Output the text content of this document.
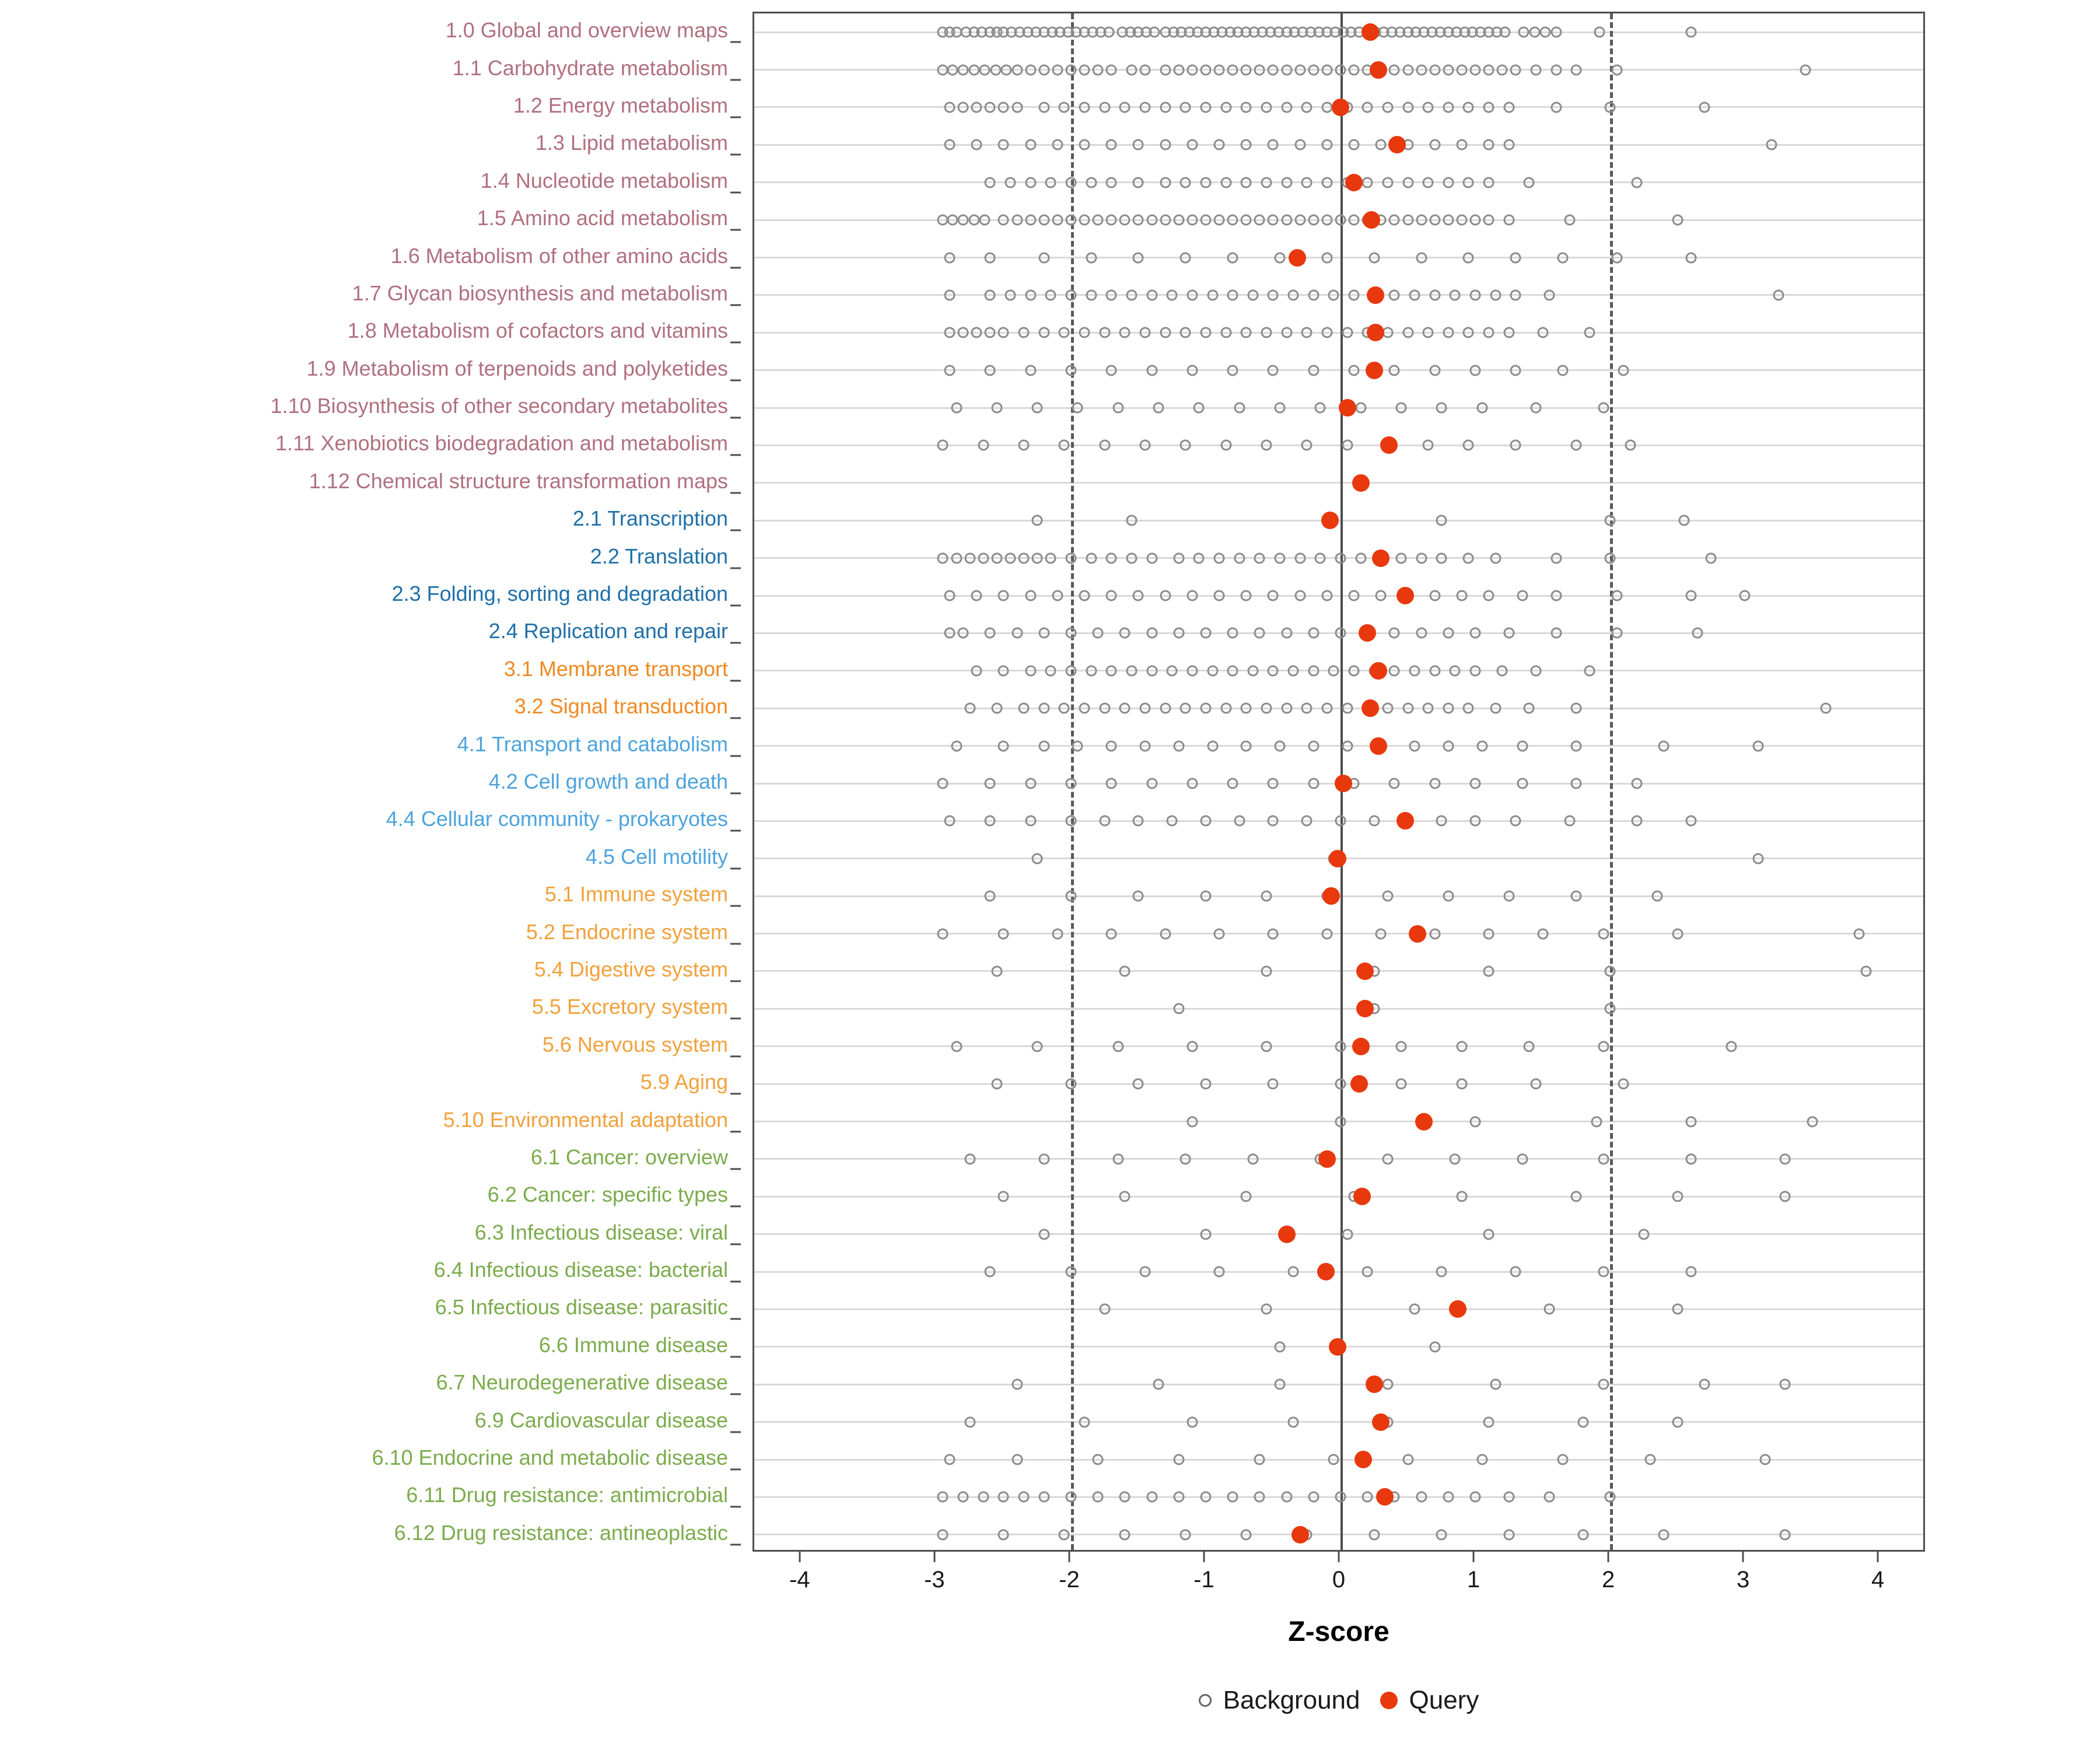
1.0 Global and overview maps
1.1 Carbohydrate metabolism
1.2 Energy metabolism
1.3 Lipid metabolism
1.4 Nucleotide metabolism
1.5 Amino acid metabolism
1.6 Metabolism of other amino acids
1.7 Glycan biosynthesis and metabolism
1.8 Metabolism of cofactors and vitamins
1.9 Metabolism of terpenoids and polyketides
1.10 Biosynthesis of other secondary metabolites
1.11 Xenobiotics biodegradation and metabolism
1.12 Chemical structure transformation maps
2.1 Transcription
2.2 Translation
2.3 Folding, sorting and degradation
2.4 Replication and repair
3.1 Membrane transport
3.2 Signal transduction
4.1 Transport and catabolism
4.2 Cell growth and death
4.4 Cellular community - prokaryotes
4.5 Cell motility
5.1 Immune system
5.2 Endocrine system
5.4 Digestive system
5.5 Excretory system
5.6 Nervous system
5.9 Aging
5.10 Environmental adaptation
6.1 Cancer: overview
6.2 Cancer: specific types
6.3 Infectious disease: viral
6.4 Infectious disease: bacterial
6.5 Infectious disease: parasitic
6.6 Immune disease
6.7 Neurodegenerative disease
6.9 Cardiovascular disease
6.10 Endocrine and metabolic disease
6.11 Drug resistance: antimicrobial
6.12 Drug resistance: antineoplastic
-4	-3	-2	-1	0	1	2	3	4
Z-score
Background Query
